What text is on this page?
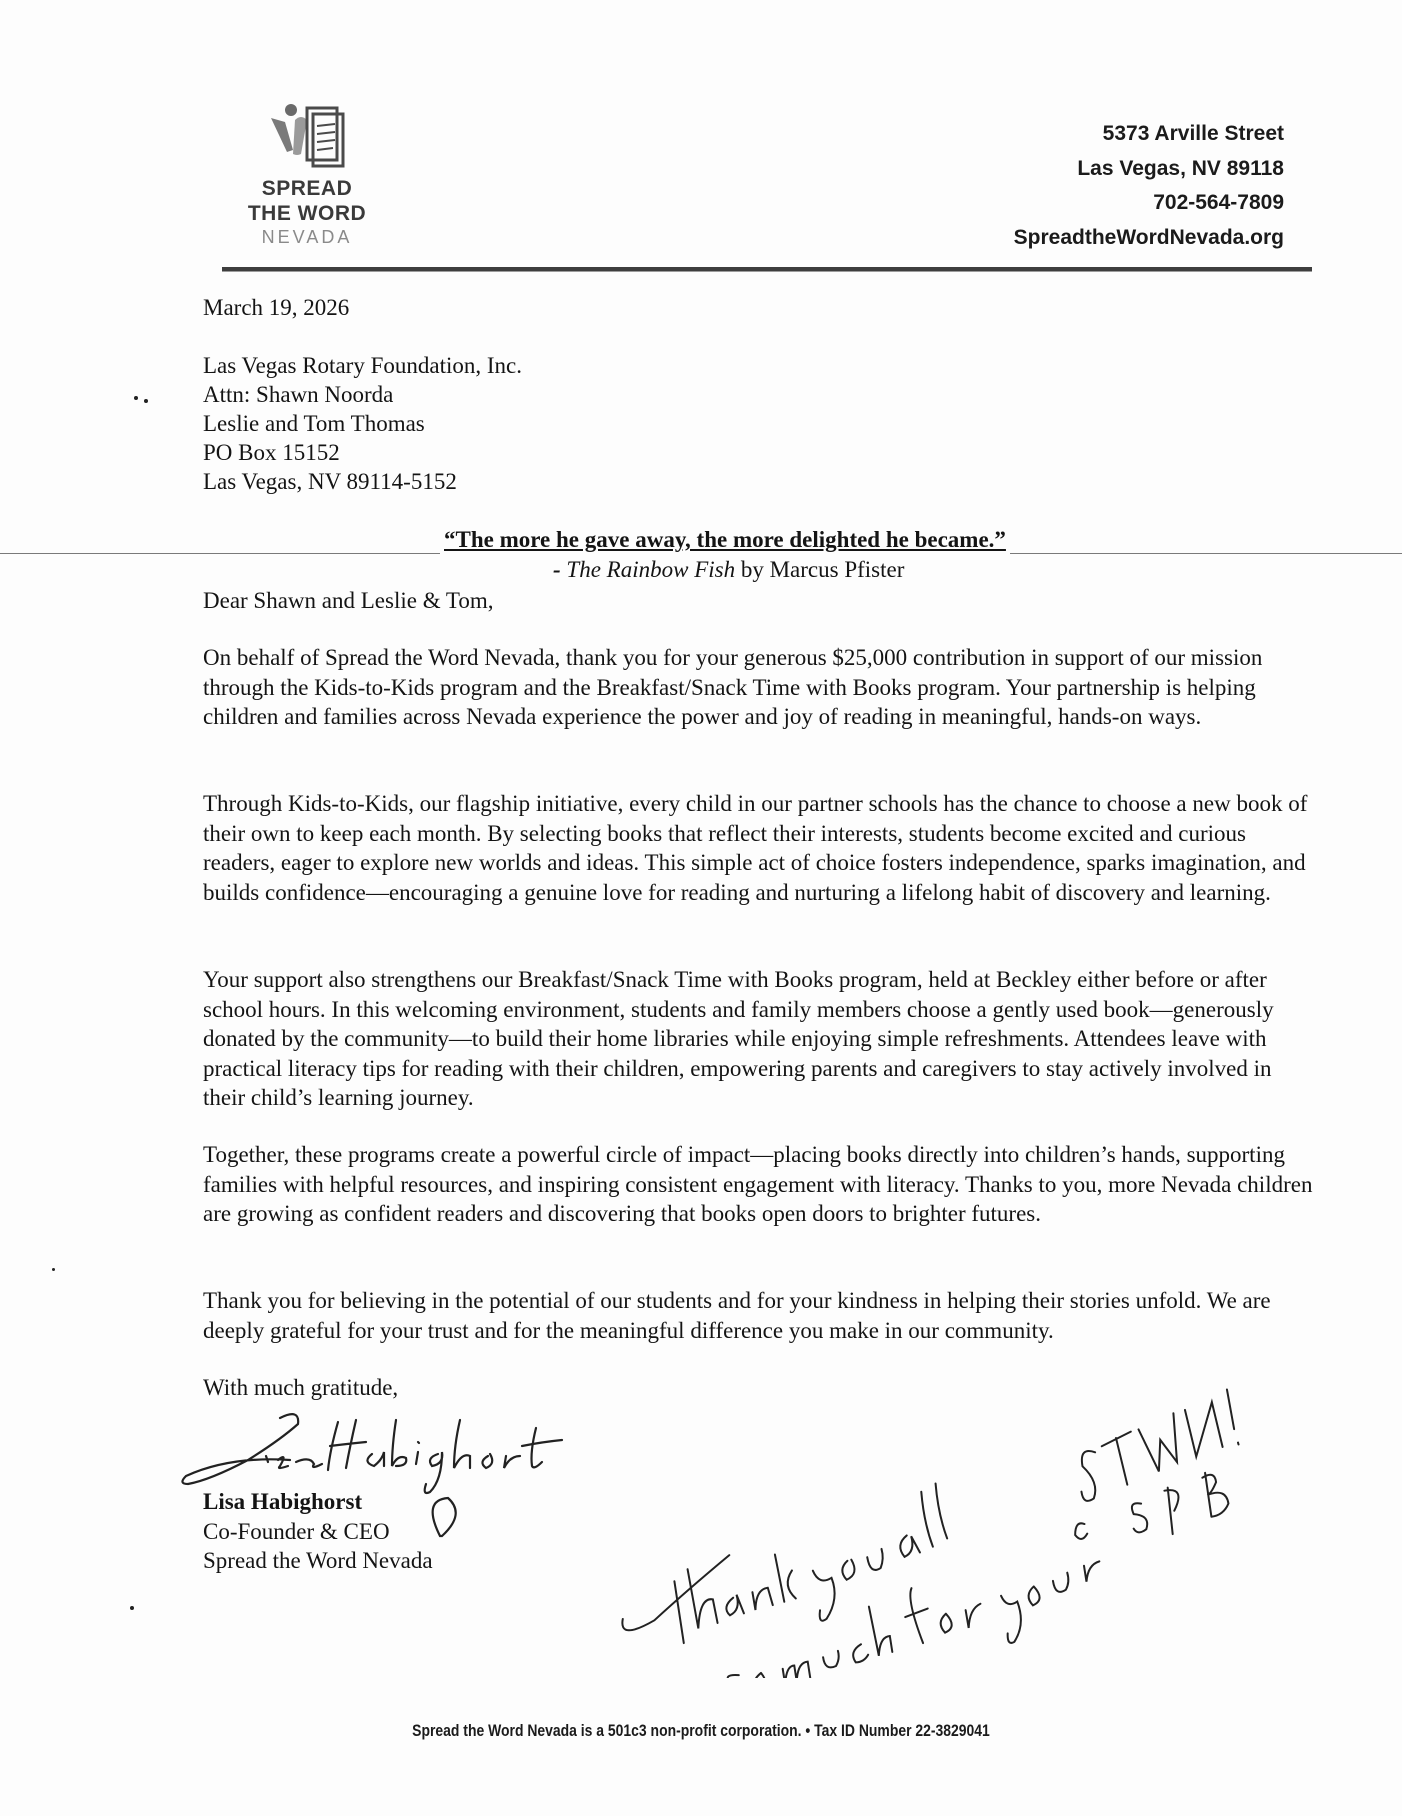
SPREAD
THE WORD
NEVADA
5373 Arville Street
Las Vegas, NV 89118
702-564-7809
SpreadtheWordNevada.org
March 19, 2026
Las Vegas Rotary Foundation, Inc.
Attn: Shawn Noorda
Leslie and Tom Thomas
PO Box 15152
Las Vegas, NV 89114-5152
“The more he gave away, the more delighted he became.”
- The Rainbow Fish by Marcus Pfister
Dear Shawn and Leslie & Tom,
On behalf of Spread the Word Nevada, thank you for your generous $25,000 contribution in support of our mission through the Kids-to-Kids program and the Breakfast/Snack Time with Books program. Your partnership is helping children and families across Nevada experience the power and joy of reading in meaningful, hands-on ways.
Through Kids-to-Kids, our flagship initiative, every child in our partner schools has the chance to choose a new book of their own to keep each month. By selecting books that reflect their interests, students become excited and curious readers, eager to explore new worlds and ideas. This simple act of choice fosters independence, sparks imagination, and builds confidence—encouraging a genuine love for reading and nurturing a lifelong habit of discovery and learning.
Your support also strengthens our Breakfast/Snack Time with Books program, held at Beckley either before or after school hours. In this welcoming environment, students and family members choose a gently used book—generously donated by the community—to build their home libraries while enjoying simple refreshments. Attendees leave with practical literacy tips for reading with their children, empowering parents and caregivers to stay actively involved in their child’s learning journey.
Together, these programs create a powerful circle of impact—placing books directly into children’s hands, supporting families with helpful resources, and inspiring consistent engagement with literacy. Thanks to you, more Nevada children are growing as confident readers and discovering that books open doors to brighter futures.
Thank you for believing in the potential of our students and for your kindness in helping their stories unfold. We are deeply grateful for your trust and for the meaningful difference you make in our community.
With much gratitude,
Lisa Habighorst
Co-Founder & CEO
Spread the Word Nevada
Spread the Word Nevada is a 501c3 non-profit corporation. • Tax ID Number 22-3829041
